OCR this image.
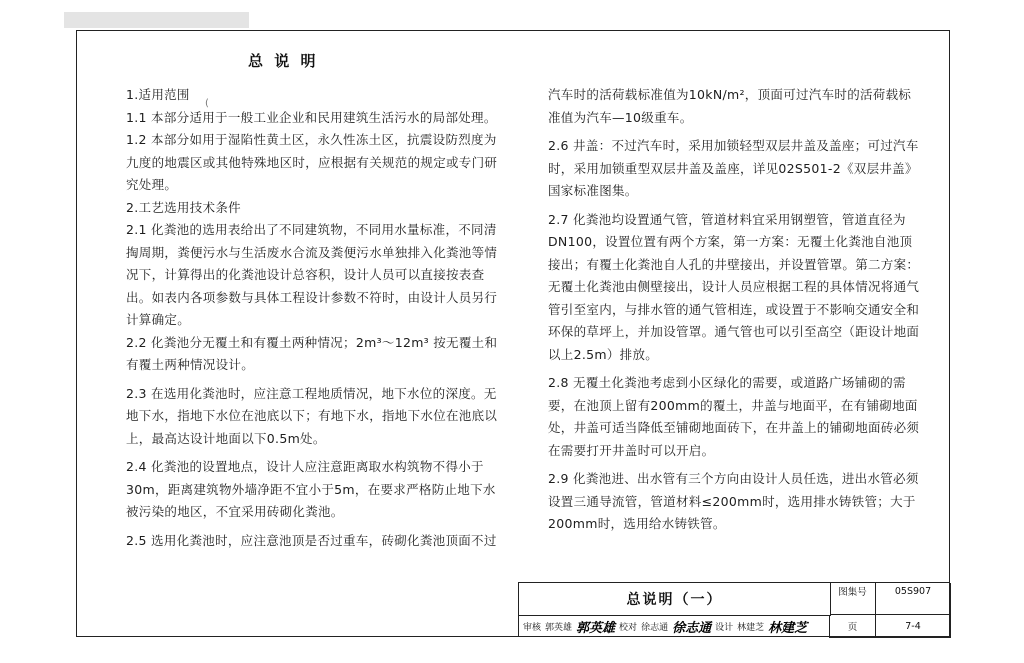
总 说 明
(

1.适用范围

1.1 本部分适用于一般工业企业和民用建筑生活污水的局部处理。

1.2 本部分如用于湿陷性黄土区，永久性冻土区，抗震设防烈度为九度的地震区或其他特殊地区时，应根据有关规范的规定或专门研究处理。

2.工艺选用技术条件

2.1 化粪池的选用表给出了不同建筑物，不同用水量标准，不同清掏周期，粪便污水与生活废水合流及粪便污水单独排入化粪池等情况下，计算得出的化粪池设计总容积，设计人员可以直接按表查出。如表内各项参数与具体工程设计参数不符时，由设计人员另行计算确定。

2.2 化粪池分无覆土和有覆土两种情况；2m³～12m³ 按无覆土和有覆土两种情况设计。

2.3 在选用化粪池时，应注意工程地质情况，地下水位的深度。无地下水，指地下水位在池底以下；有地下水，指地下水位在池底以上，最高达设计地面以下0.5m处。

2.4 化粪池的设置地点，设计人应注意距离取水构筑物不得小于30m，距离建筑物外墙净距不宜小于5m，在要求严格防止地下水被污染的地区，不宜采用砖砌化粪池。

2.5 选用化粪池时，应注意池顶是否过重车，砖砌化粪池顶面不过

汽车时的活荷载标准值为10kN/m²，顶面可过汽车时的活荷载标准值为汽车—10级重车。

2.6 井盖：不过汽车时，采用加锁轻型双层井盖及盖座；可过汽车时，采用加锁重型双层井盖及盖座，详见02S501-2《双层井盖》国家标准图集。

2.7 化粪池均设置通气管，管道材料宜采用钢塑管，管道直径为DN100，设置位置有两个方案，第一方案：无覆土化粪池自池顶接出；有覆土化粪池自人孔的井壁接出，并设置管罩。第二方案：无覆土化粪池由侧壁接出，设计人员应根据工程的具体情况将通气管引至室内，与排水管的通气管相连，或设置于不影响交通安全和环保的草坪上，并加设管罩。通气管也可以引至高空（距设计地面以上2.5m）排放。

2.8 无覆土化粪池考虑到小区绿化的需要，或道路广场铺砌的需要，在池顶上留有200mm的覆土，井盖与地面平，在有铺砌地面处，井盖可适当降低至铺砌地面砖下，在井盖上的铺砌地面砖必须在需要打开井盖时可以开启。

2.9 化粪池进、出水管有三个方向由设计人员任选，进出水管必须设置三通导流管，管道材料≤200mm时，选用排水铸铁管；大于200mm时，选用给水铸铁管。

总说明（一）	图集号	05S907
页	7-4
审核 郭英雄 郭英雄 校对 徐志通 徐志通 设计 林建芝 林建芝
